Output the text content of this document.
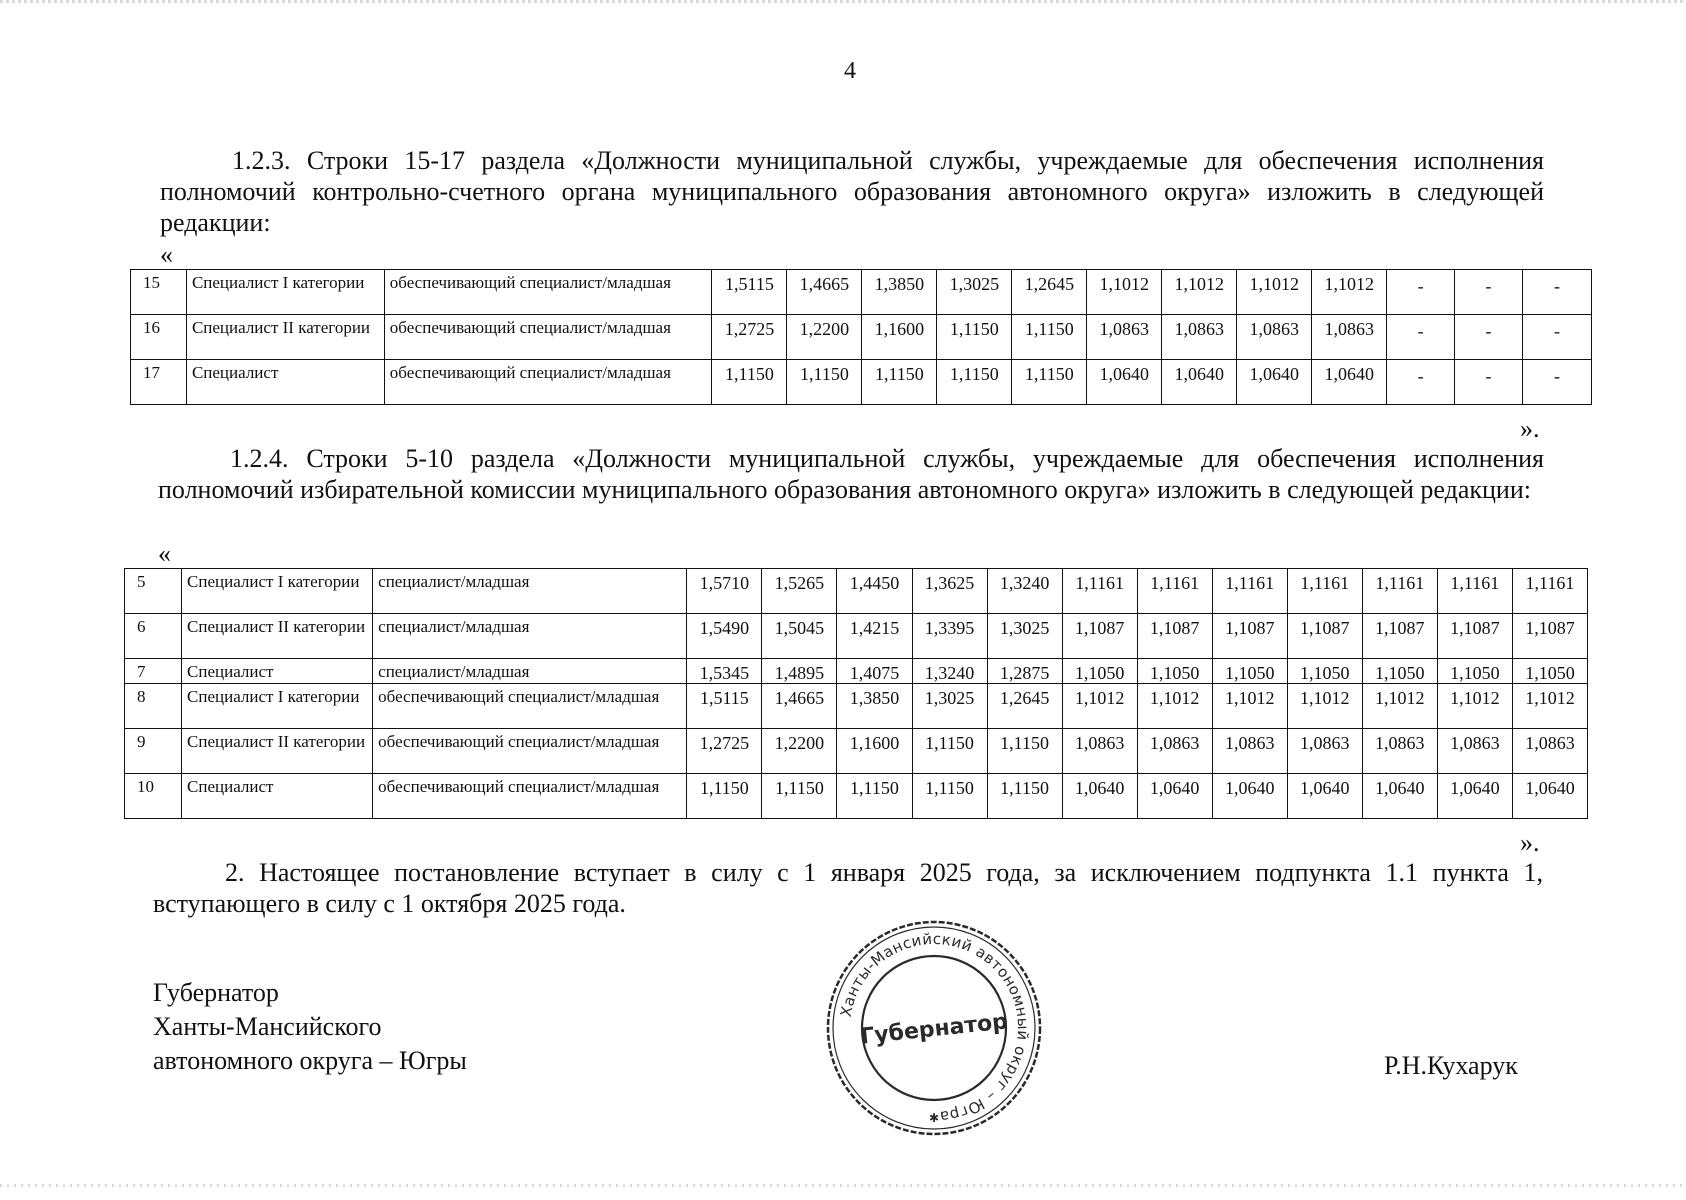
4

1.2.3. Строки 15-17 раздела «Должности муниципальной службы, учреждаемые для обеспечения исполнения полномочий контрольно-счетного органа муниципального образования автономного округа» изложить в следующей редакции:

«
15	Специалист I категории	обеспечивающий специалист/младшая	1,5115	1,4665	1,3850	1,3025	1,2645	1,1012	1,1012	1,1012	1,1012	-	-	-
16	Специалист II категории	обеспечивающий специалист/младшая	1,2725	1,2200	1,1600	1,1150	1,1150	1,0863	1,0863	1,0863	1,0863	-	-	-
17	Специалист	обеспечивающий специалист/младшая	1,1150	1,1150	1,1150	1,1150	1,1150	1,0640	1,0640	1,0640	1,0640	-	-	-
».

1.2.4. Строки 5-10 раздела «Должности муниципальной службы, учреждаемые для обеспечения исполнения полномочий избирательной комиссии муниципального образования автономного округа» изложить в следующей редакции:

«
5	Специалист I категории	специалист/младшая	1,5710	1,5265	1,4450	1,3625	1,3240	1,1161	1,1161	1,1161	1,1161	1,1161	1,1161	1,1161
6	Специалист II категории	специалист/младшая	1,5490	1,5045	1,4215	1,3395	1,3025	1,1087	1,1087	1,1087	1,1087	1,1087	1,1087	1,1087
7	Специалист	специалист/младшая	1,5345	1,4895	1,4075	1,3240	1,2875	1,1050	1,1050	1,1050	1,1050	1,1050	1,1050	1,1050
8	Специалист I категории	обеспечивающий специалист/младшая	1,5115	1,4665	1,3850	1,3025	1,2645	1,1012	1,1012	1,1012	1,1012	1,1012	1,1012	1,1012
9	Специалист II категории	обеспечивающий специалист/младшая	1,2725	1,2200	1,1600	1,1150	1,1150	1,0863	1,0863	1,0863	1,0863	1,0863	1,0863	1,0863
10	Специалист	обеспечивающий специалист/младшая	1,1150	1,1150	1,1150	1,1150	1,1150	1,0640	1,0640	1,0640	1,0640	1,0640	1,0640	1,0640
».

2. Настоящее постановление вступает в силу с 1 января 2025 года, за исключением подпункта 1.1 пункта 1, вступающего в силу с 1 октября 2025 года.

Губернатор
Ханты-Мансийского
автономного округа – Югры
Ханты-Мансийский автономный округ – Югра
Губернатор
✱
Р.Н.Кухарук
